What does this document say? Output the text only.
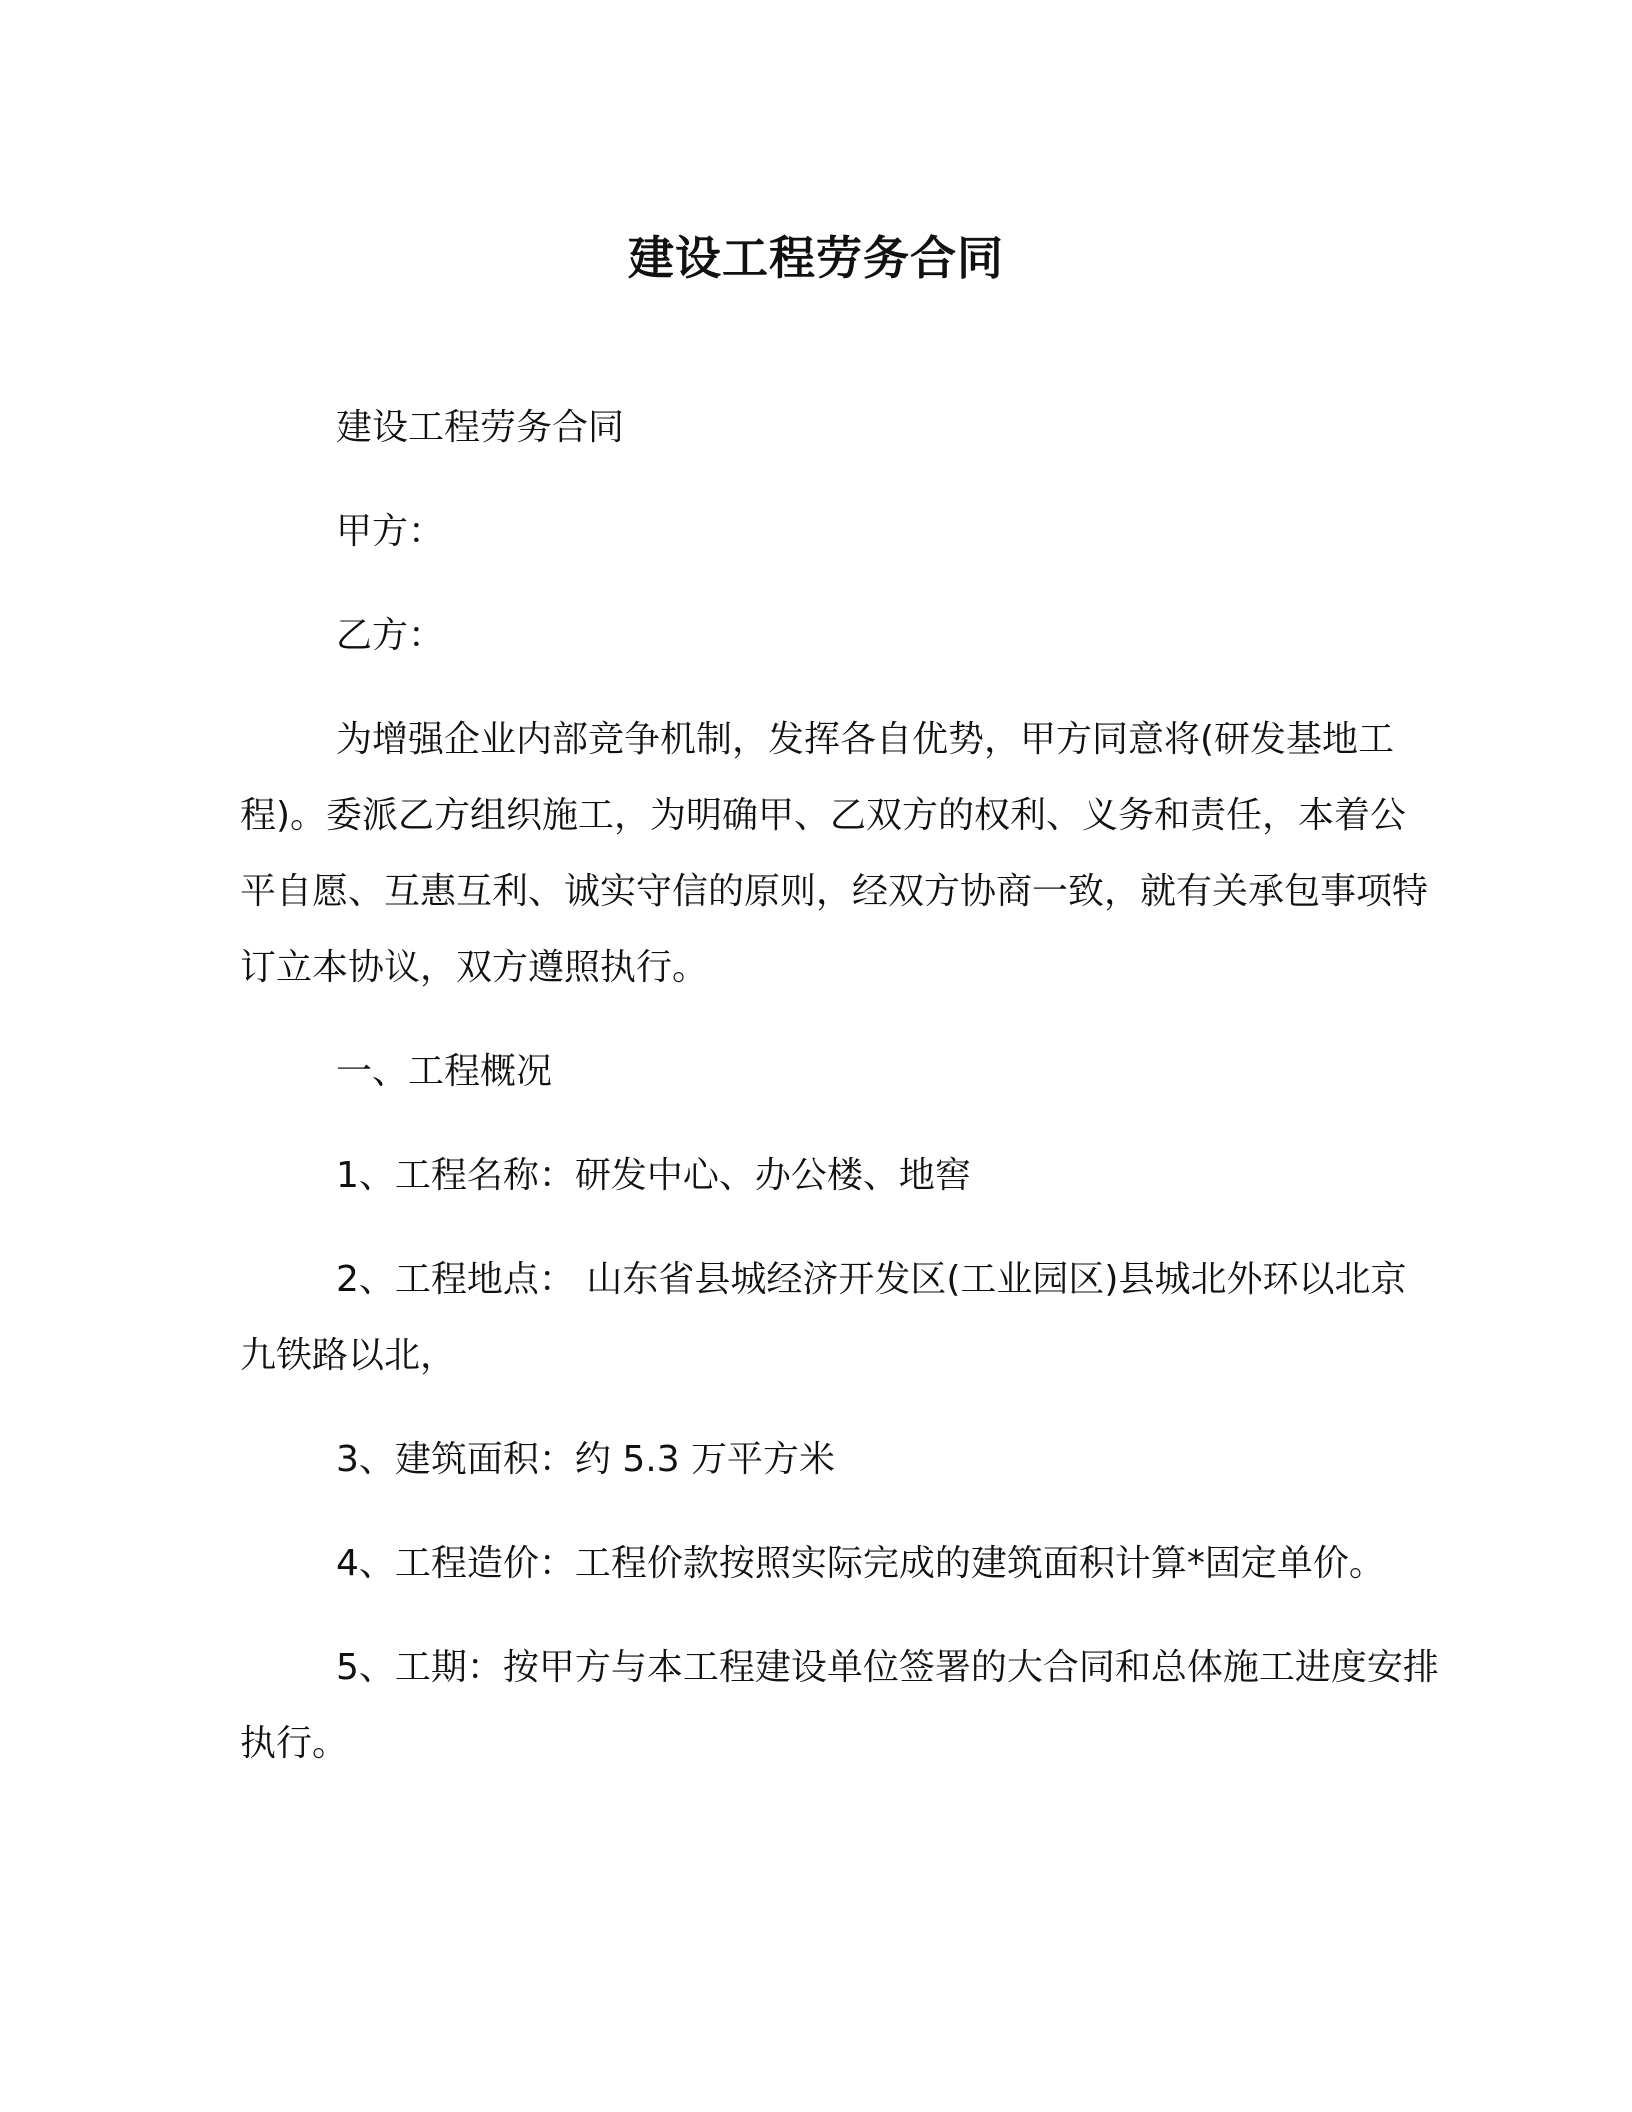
建设工程劳务合同

建设工程劳务合同

甲方：

乙方：

为增强企业内部竞争机制，发挥各自优势，甲方同意将(研发基地工程)。委派乙方组织施工，为明确甲、乙双方的权利、义务和责任，本着公平自愿、互惠互利、诚实守信的原则，经双方协商一致，就有关承包事项特订立本协议，双方遵照执行。

一、工程概况

1、工程名称：研发中心、办公楼、地窖

2、工程地点： 山东省县城经济开发区(工业园区)县城北外环以北京九铁路以北，

3、建筑面积：约 5.3 万平方米

4、工程造价：工程价款按照实际完成的建筑面积计算*固定单价。

5、工期：按甲方与本工程建设单位签署的大合同和总体施工进度安排执行。
